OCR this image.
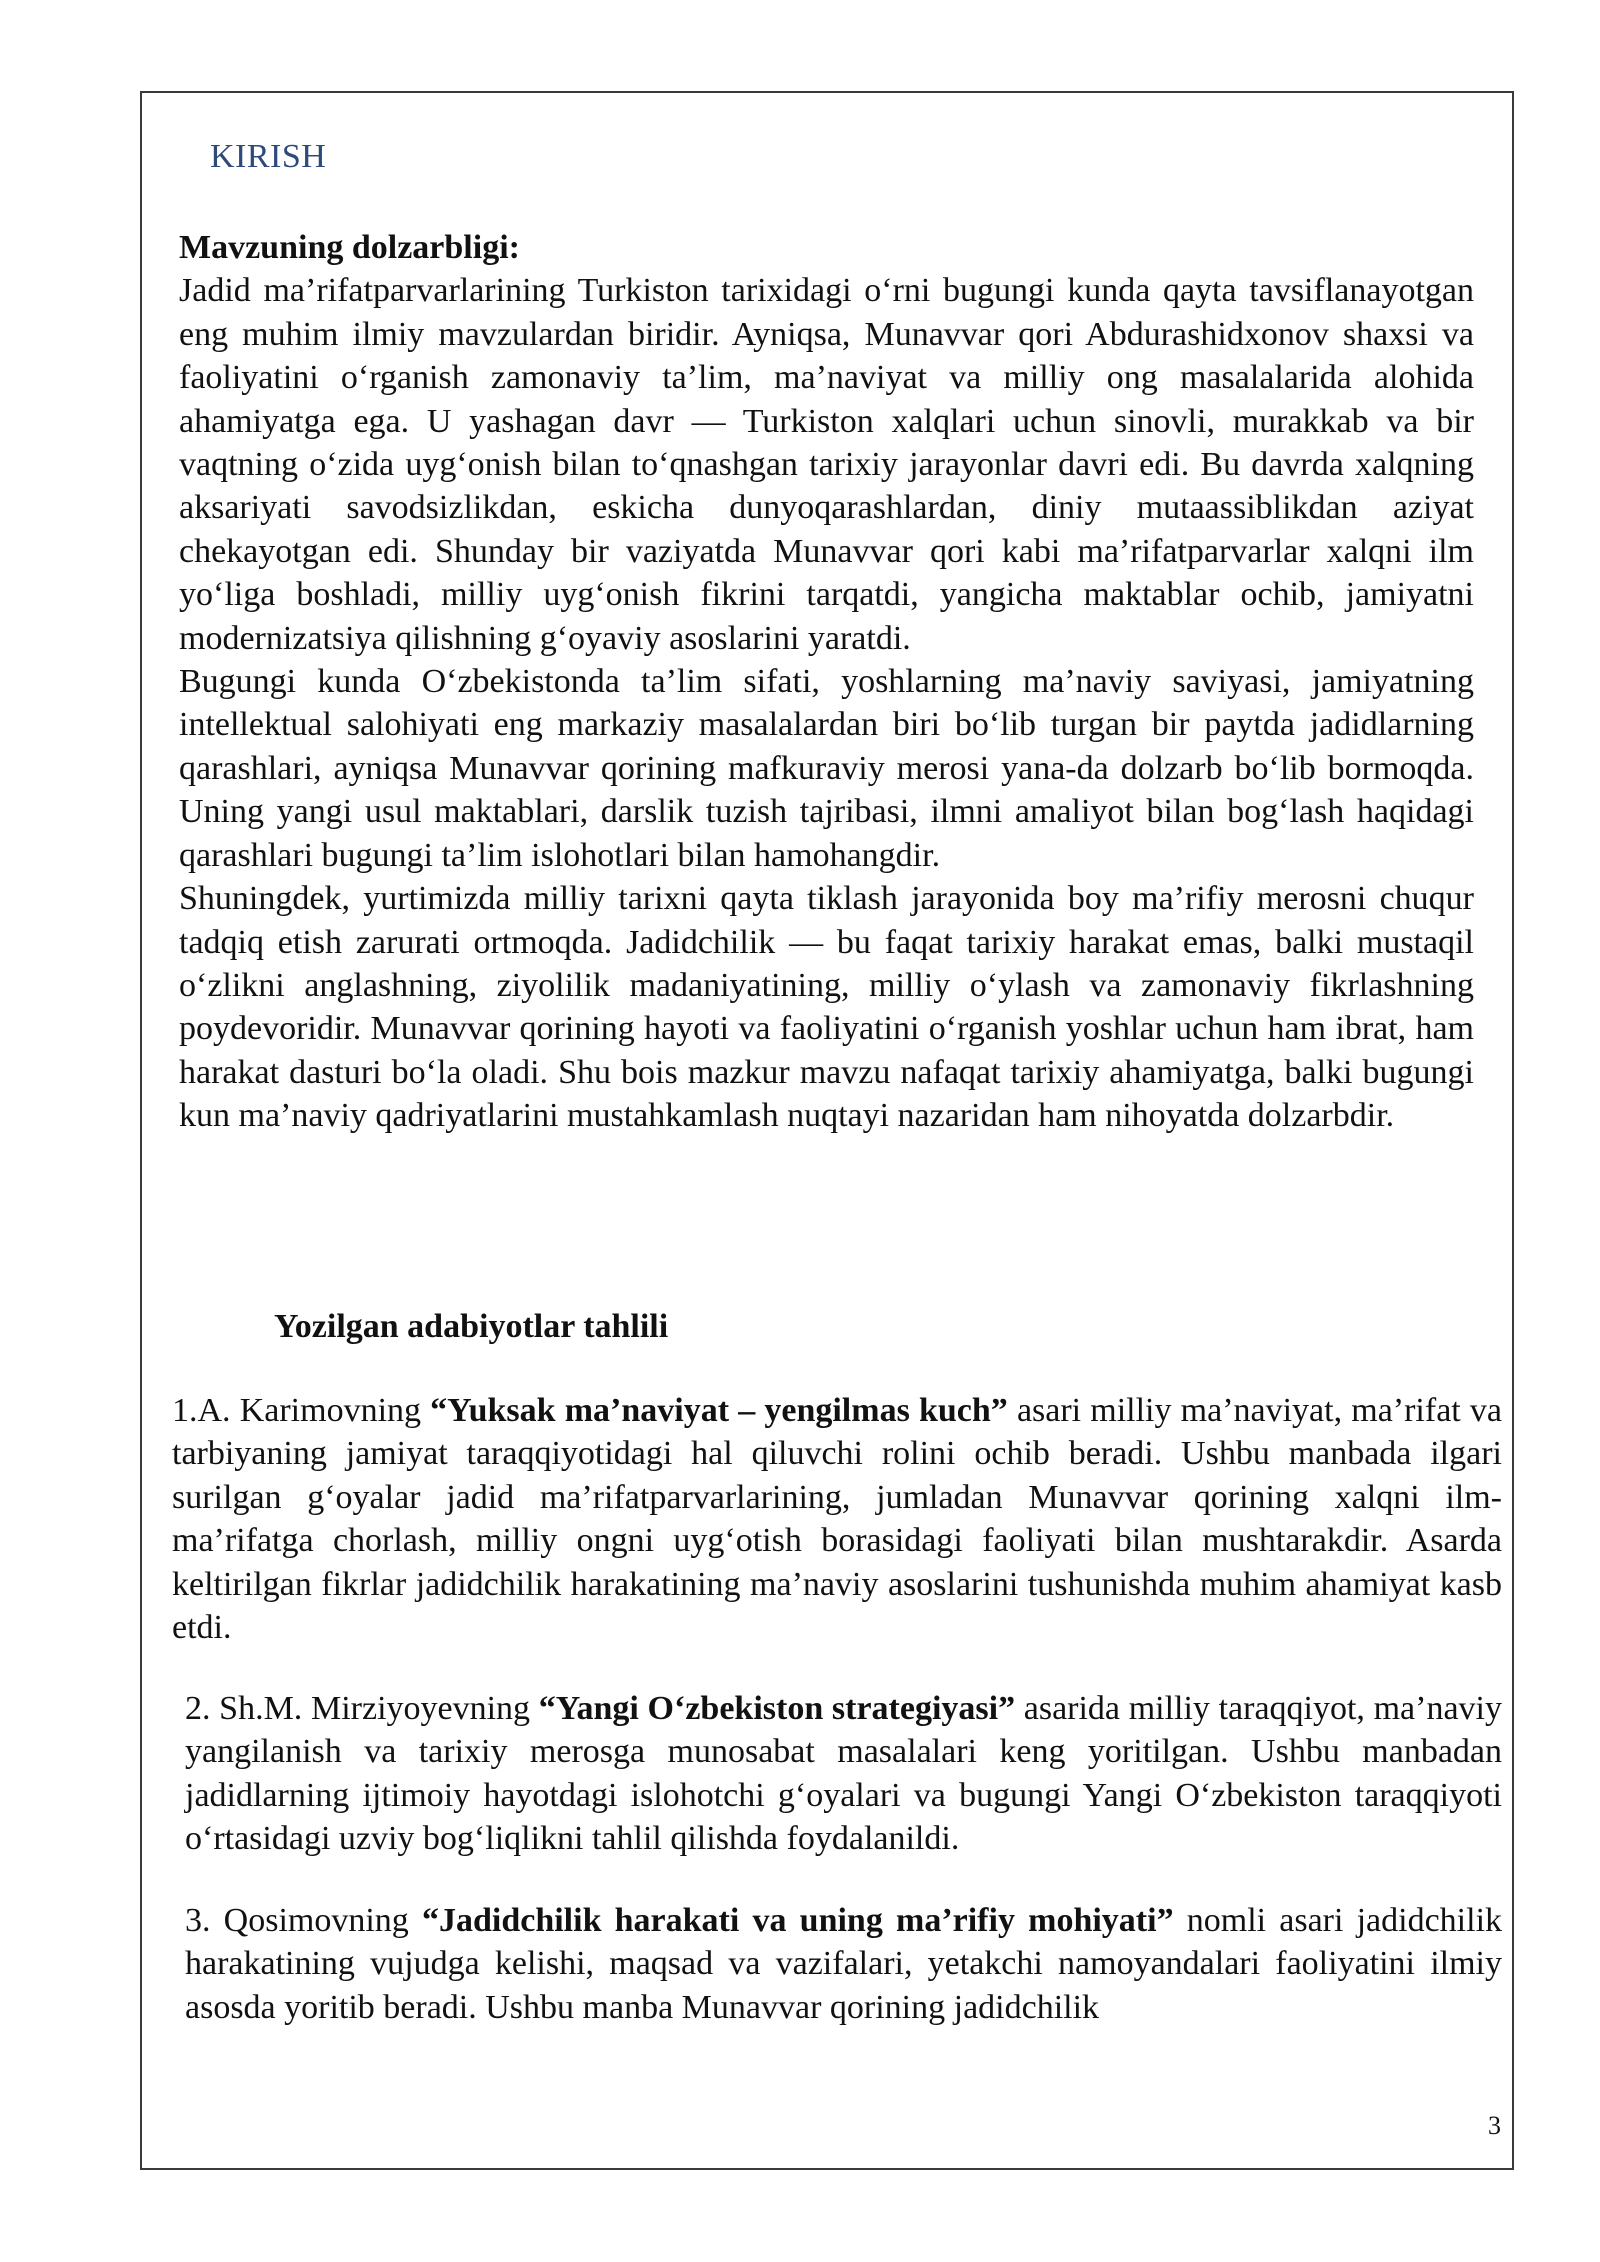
KIRISH

Mavzuning dolzarbligi:

Jadid ma’rifatparvarlarining Turkiston tarixidagi o‘rni bugungi kunda qayta tavsiflanayotgan eng muhim ilmiy mavzulardan biridir. Ayniqsa, Munavvar qori Abdurashidxonov shaxsi va faoliyatini o‘rganish zamonaviy ta’lim, ma’naviyat va milliy ong masalalarida alohida ahamiyatga ega. U yashagan davr — Turkiston xalqlari uchun sinovli, murakkab va bir vaqtning o‘zida uyg‘onish bilan to‘qnashgan tarixiy jarayonlar davri edi. Bu davrda xalqning aksariyati savodsizlikdan, eskicha dunyoqarashlardan, diniy mutaassiblikdan aziyat chekayotgan edi. Shunday bir vaziyatda Munavvar qori kabi ma’rifatparvarlar xalqni ilm yo‘liga boshladi, milliy uyg‘onish fikrini tarqatdi, yangicha maktablar ochib, jamiyatni modernizatsiya qilishning g‘oyaviy asoslarini yaratdi.

Bugungi kunda O‘zbekistonda ta’lim sifati, yoshlarning ma’naviy saviyasi, jamiyatning intellektual salohiyati eng markaziy masalalardan biri bo‘lib turgan bir paytda jadidlarning qarashlari, ayniqsa Munavvar qorining mafkuraviy merosi yana-da dolzarb bo‘lib bormoqda. Uning yangi usul maktablari, darslik tuzish tajribasi, ilmni amaliyot bilan bog‘lash haqidagi qarashlari bugungi ta’lim islohotlari bilan hamohangdir.

Shuningdek, yurtimizda milliy tarixni qayta tiklash jarayonida boy ma’rifiy merosni chuqur tadqiq etish zarurati ortmoqda. Jadidchilik — bu faqat tarixiy harakat emas, balki mustaqil o‘zlikni anglashning, ziyolilik madaniyatining, milliy o‘ylash va zamonaviy fikrlashning poydevoridir. Munavvar qorining hayoti va faoliyatini o‘rganish yoshlar uchun ham ibrat, ham harakat dasturi bo‘la oladi. Shu bois mazkur mavzu nafaqat tarixiy ahamiyatga, balki bugungi kun ma’naviy qadriyatlarini mustahkamlash nuqtayi nazaridan ham nihoyatda dolzarbdir.

Yozilgan adabiyotlar tahlili

1.A. Karimovning “Yuksak ma’naviyat – yengilmas kuch” asari milliy ma’naviyat, ma’rifat va tarbiyaning jamiyat taraqqiyotidagi hal qiluvchi rolini ochib beradi. Ushbu manbada ilgari surilgan g‘oyalar jadid ma’rifatparvarlarining, jumladan Munavvar qorining xalqni ilm-ma’rifatga chorlash, milliy ongni uyg‘otish borasidagi faoliyati bilan mushtarakdir. Asarda keltirilgan fikrlar jadidchilik harakatining ma’naviy asoslarini tushunishda muhim ahamiyat kasb etdi.

2. Sh.M. Mirziyoyevning “Yangi O‘zbekiston strategiyasi” asarida milliy taraqqiyot, ma’naviy yangilanish va tarixiy merosga munosabat masalalari keng yoritilgan. Ushbu manbadan jadidlarning ijtimoiy hayotdagi islohotchi g‘oyalari va bugungi Yangi O‘zbekiston taraqqiyoti o‘rtasidagi uzviy bog‘liqlikni tahlil qilishda foydalanildi.

3. Qosimovning “Jadidchilik harakati va uning ma’rifiy mohiyati” nomli asari jadidchilik harakatining vujudga kelishi, maqsad va vazifalari, yetakchi namoyandalari faoliyatini ilmiy asosda yoritib beradi. Ushbu manba Munavvar qorining jadidchilik

3
